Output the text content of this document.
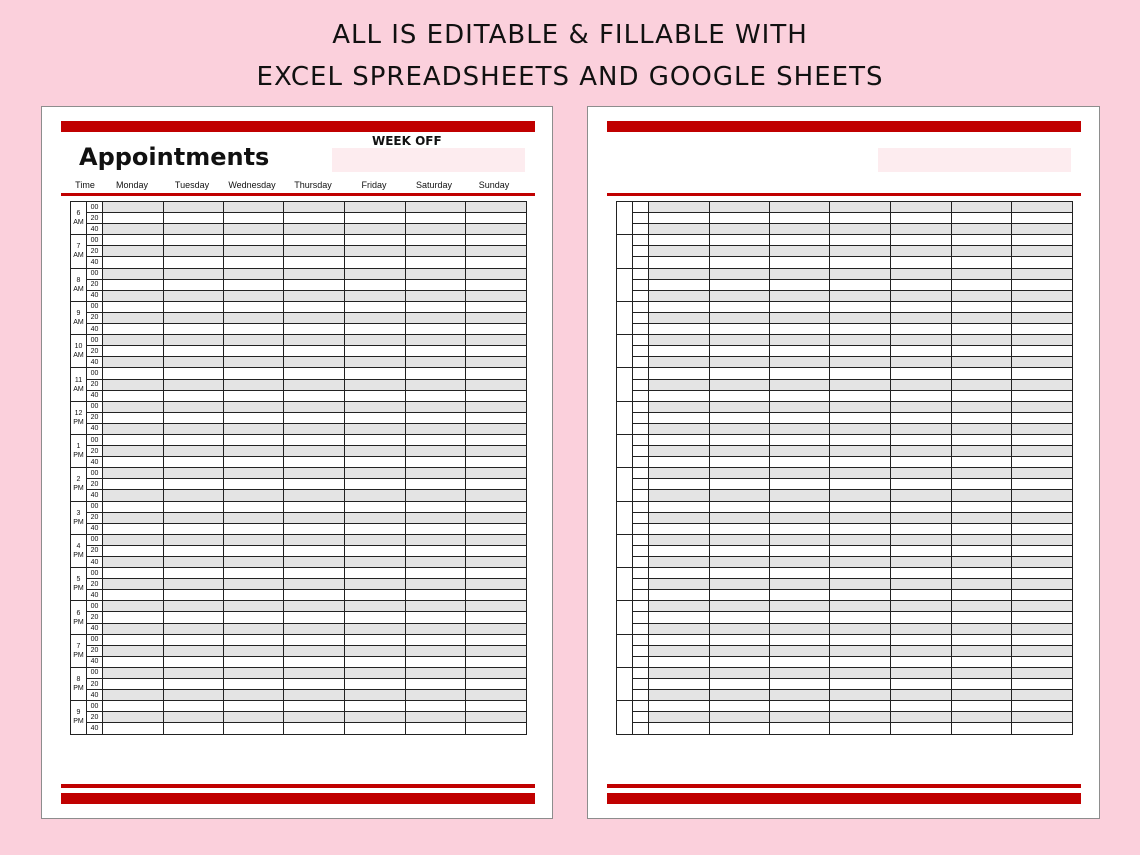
ALL IS EDITABLE & FILLABLE WITH
EXCEL SPREADSHEETS AND GOOGLE SHEETS
Appointments
WEEK OFF
Time	Monday	Tuesday	Wednesday	Thursday	Friday	Saturday	Sunday
6
AM	00							
	20							
	40							
7
AM	00							
	20							
	40							
8
AM	00							
	20							
	40							
9
AM	00							
	20							
	40							
10
AM	00							
	20							
	40							
11
AM	00							
	20							
	40							
12
PM	00							
	20							
	40							
1
PM	00							
	20							
	40							
2
PM	00							
	20							
	40							
3
PM	00							
	20							
	40							
4
PM	00							
	20							
	40							
5
PM	00							
	20							
	40							
6
PM	00							
	20							
	40							
7
PM	00							
	20							
	40							
8
PM	00							
	20							
	40							
9
PM	00							
	20							
	40							
